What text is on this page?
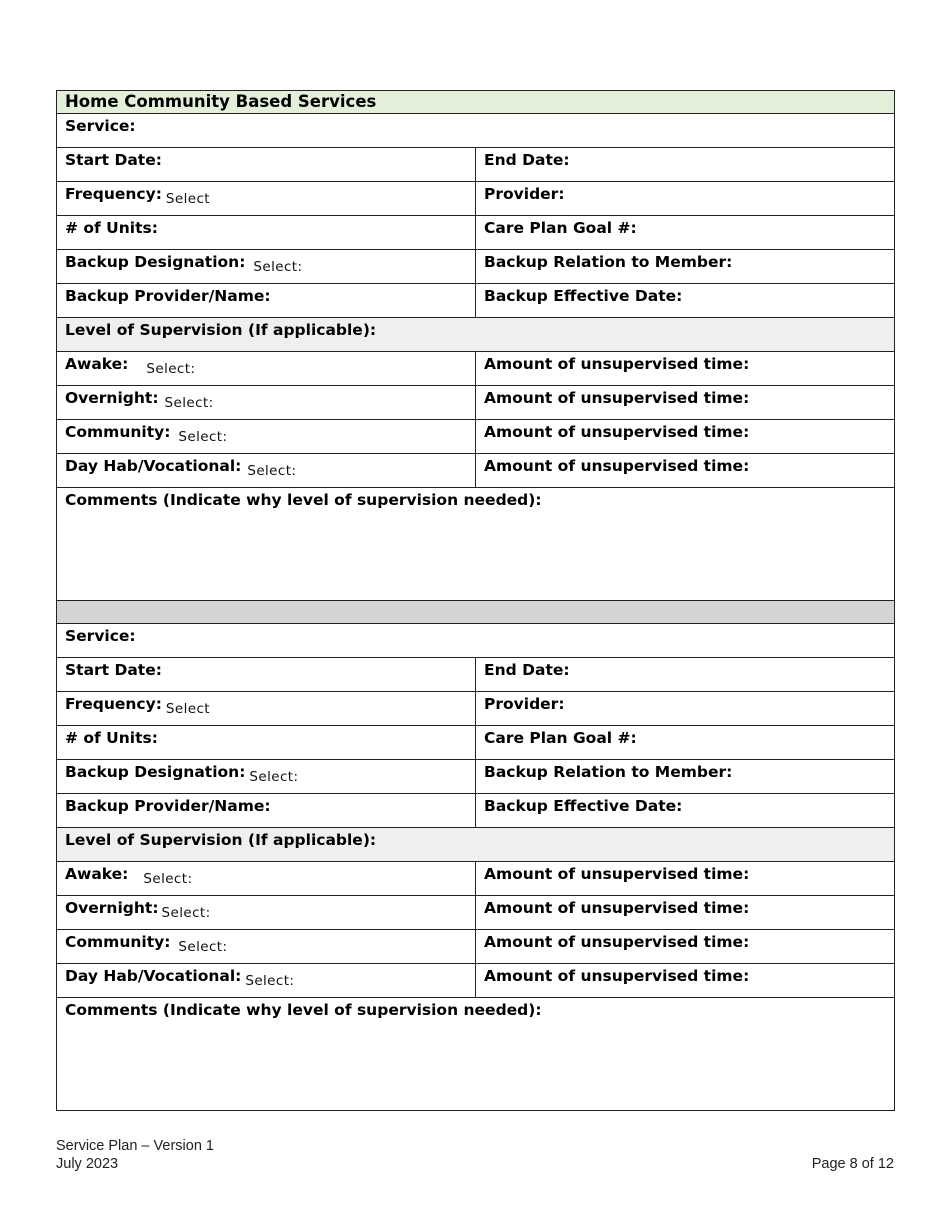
Home Community Based Services	
Service:	
Start Date:	End Date:
Frequency: Select	Provider:
# of Units:	Care Plan Goal #:
Backup Designation: Select:	Backup Relation to Member:
Backup Provider/Name:	Backup Effective Date:
Level of Supervision (If applicable):	
Awake: Select:	Amount of unsupervised time:
Overnight: Select:	Amount of unsupervised time:
Community: Select:	Amount of unsupervised time:
Day Hab/Vocational: Select:	Amount of unsupervised time:
Comments (Indicate why level of supervision needed):	

Service:	
Start Date:	End Date:
Frequency: Select	Provider:
# of Units:	Care Plan Goal #:
Backup Designation: Select:	Backup Relation to Member:
Backup Provider/Name:	Backup Effective Date:
Level of Supervision (If applicable):	
Awake: Select:	Amount of unsupervised time:
Overnight: Select:	Amount of unsupervised time:
Community: Select:	Amount of unsupervised time:
Day Hab/Vocational: Select:	Amount of unsupervised time:
Comments (Indicate why level of supervision needed):	
Service Plan – Version 1
July 2023	Page 8 of 12
